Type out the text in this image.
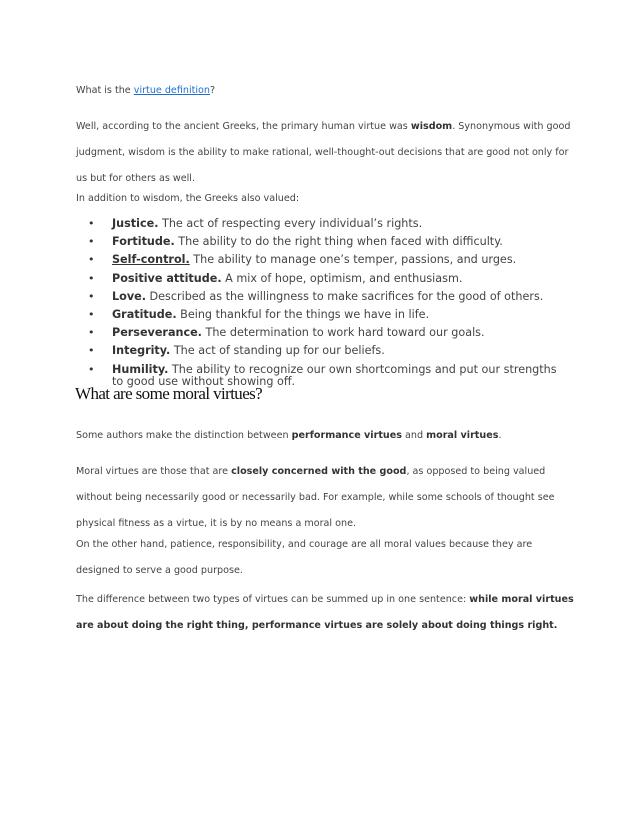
What is the virtue definition?

Well, according to the ancient Greeks, the primary human virtue was wisdom. Synonymous with good judgment, wisdom is the ability to make rational, well-thought-out decisions that are good not only for us but for others as well.

In addition to wisdom, the Greeks also valued:

• Justice. The act of respecting every individual’s rights.
• Fortitude. The ability to do the right thing when faced with difficulty.
• Self-control. The ability to manage one’s temper, passions, and urges.
• Positive attitude. A mix of hope, optimism, and enthusiasm.
• Love. Described as the willingness to make sacrifices for the good of others.
• Gratitude. Being thankful for the things we have in life.
• Perseverance. The determination to work hard toward our goals.
• Integrity. The act of standing up for our beliefs.
• Humility. The ability to recognize our own shortcomings and put our strengths to good use without showing off.
What are some moral virtues?

Some authors make the distinction between performance virtues and moral virtues.

Moral virtues are those that are closely concerned with the good, as opposed to being valued without being necessarily good or necessarily bad. For example, while some schools of thought see physical fitness as a virtue, it is by no means a moral one.

On the other hand, patience, responsibility, and courage are all moral values because they are designed to serve a good purpose.

The difference between two types of virtues can be summed up in one sentence: while moral virtues are about doing the right thing, performance virtues are solely about doing things right.
